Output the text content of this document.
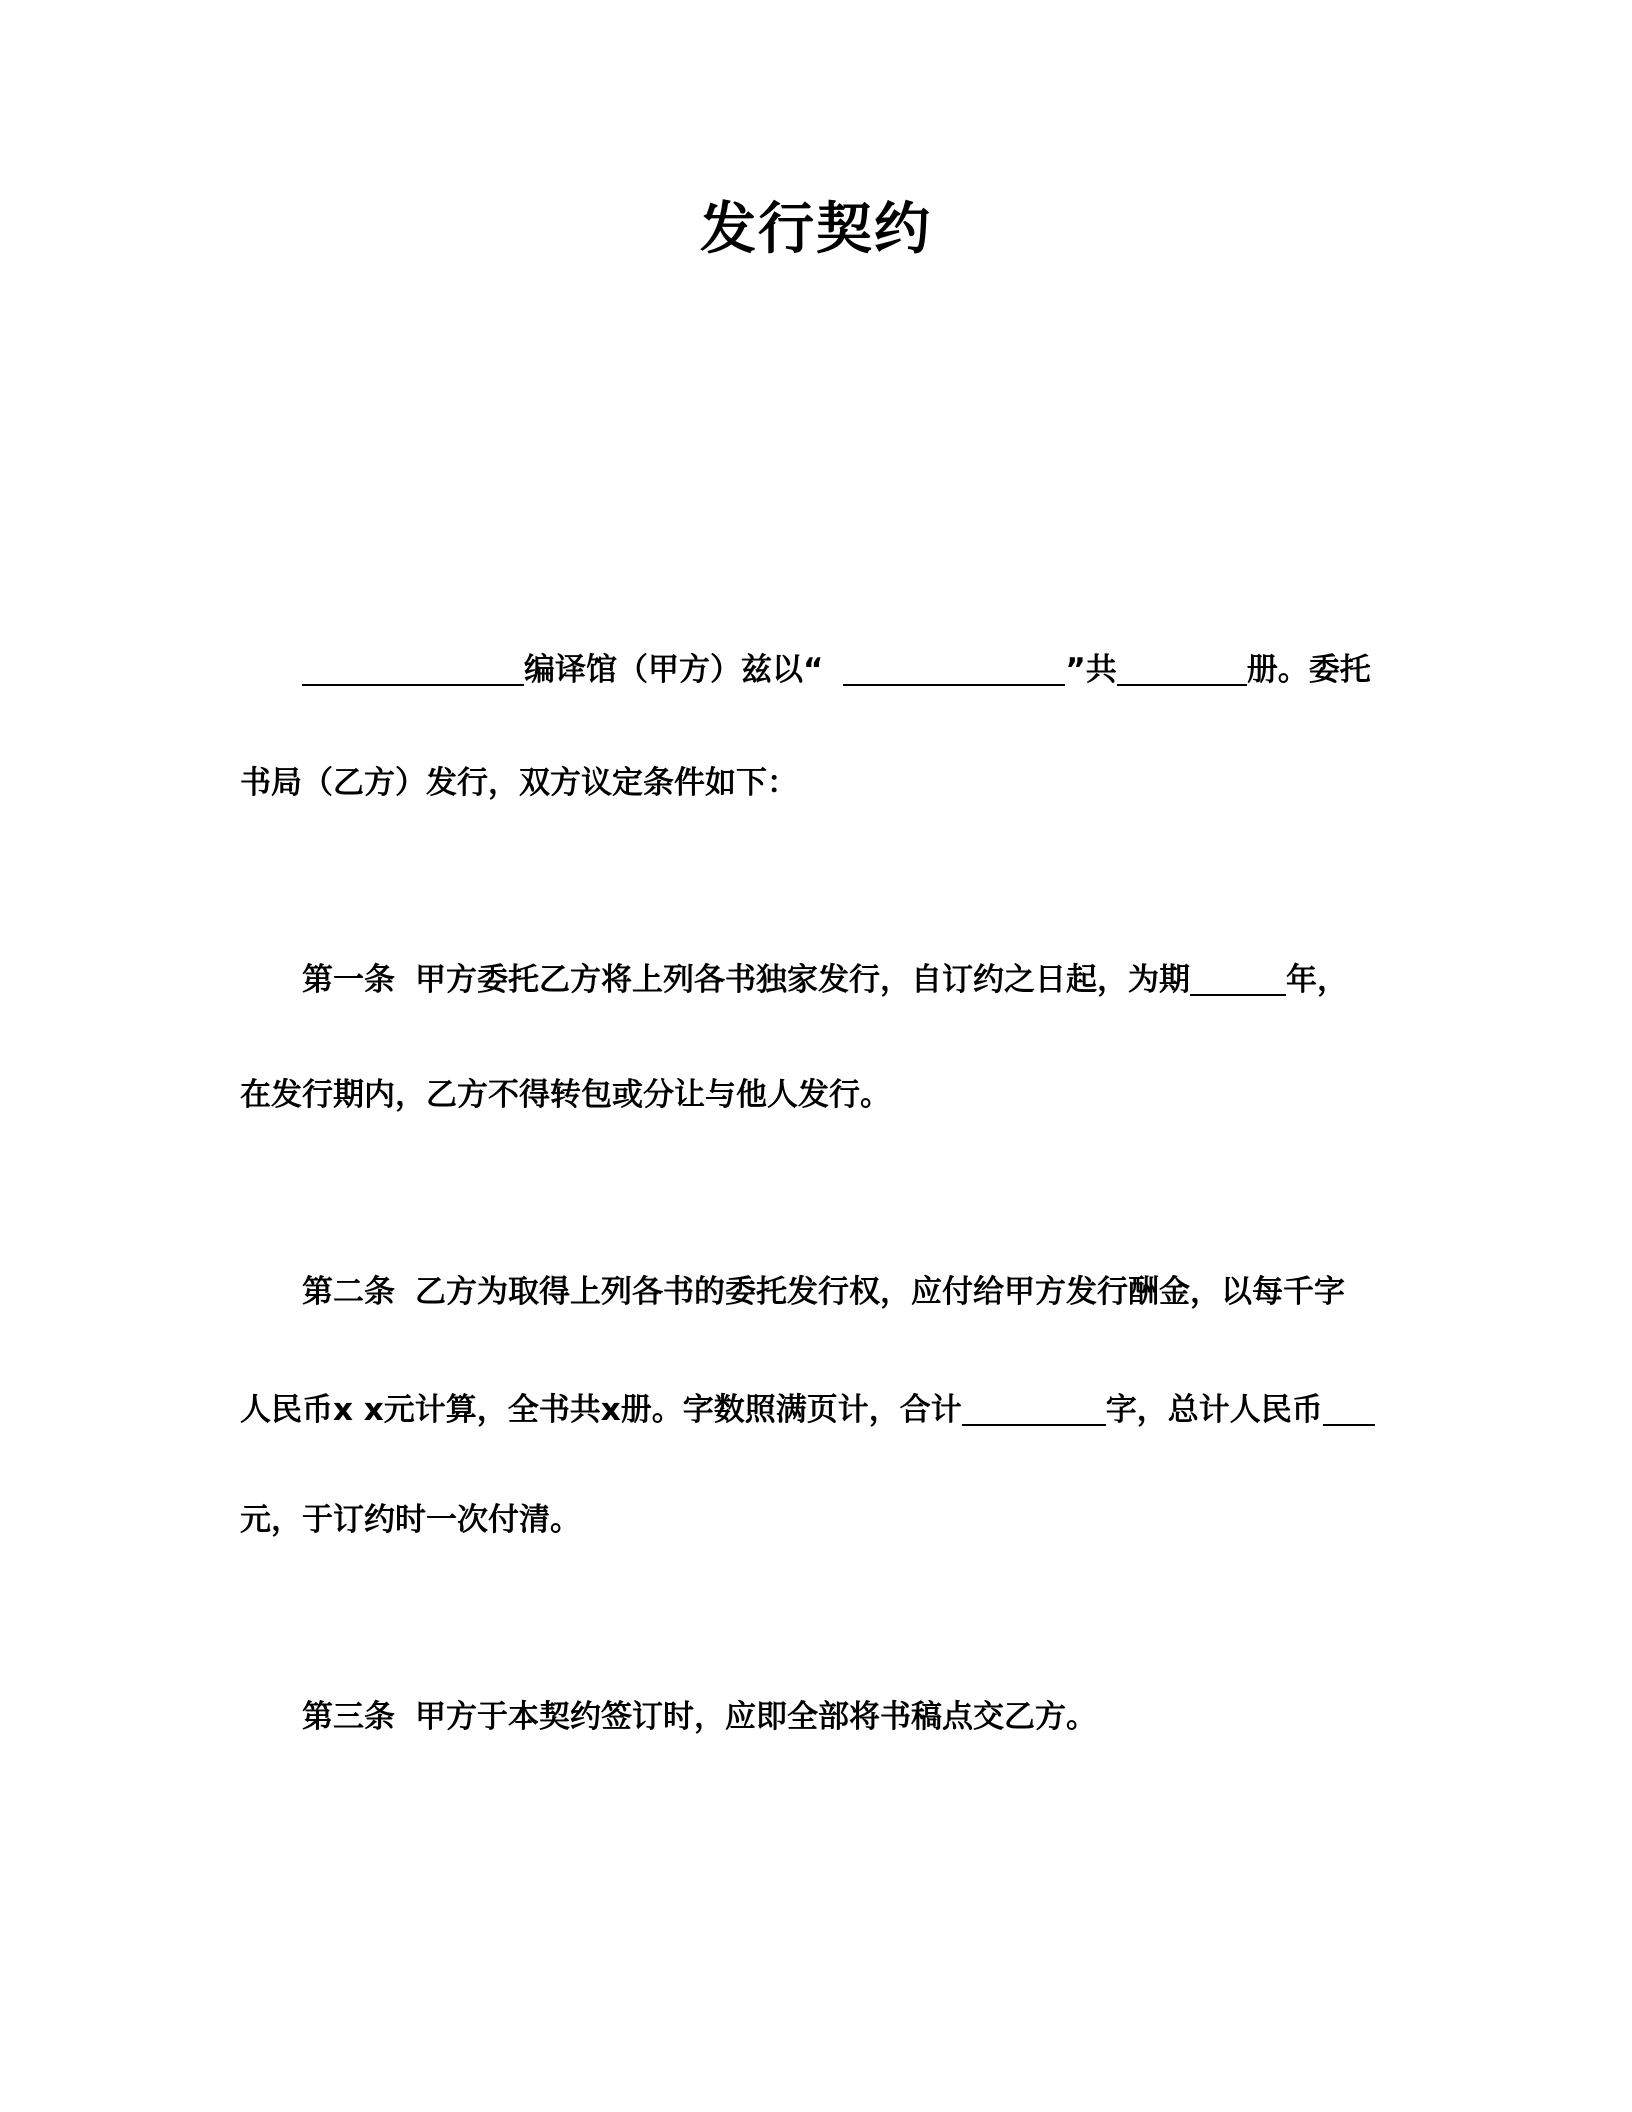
发行契约
编译馆（甲方）兹以“	”共	册。委托
书局（乙方）发行，双方议定条件如下：
第一条 甲方委托乙方将上列各书独家发行，自订约之日起，为期	年，
在发行期内，乙方不得转包或分让与他人发行。
第二条 乙方为取得上列各书的委托发行权，应付给甲方发行酬金，以每千字
人民币x x元计算，全书共x册。字数照满页计，合计	字，总计人民币
元，于订约时一次付清。
第三条 甲方于本契约签订时，应即全部将书稿点交乙方。
